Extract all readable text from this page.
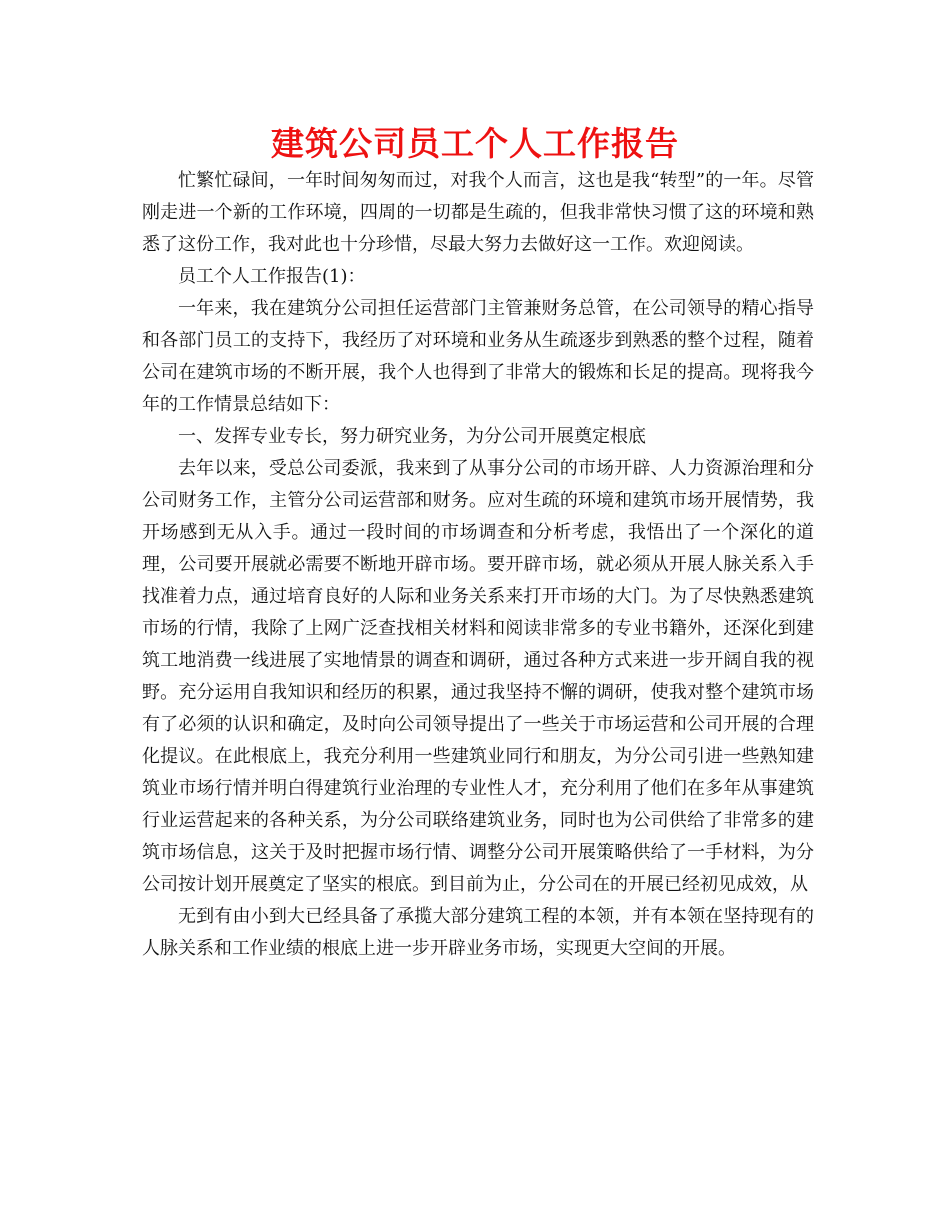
建筑公司员工个人工作报告

忙繁忙碌间，一年时间匆匆而过，对我个人而言，这也是我“转型”的一年。尽管刚走进一个新的工作环境，四周的一切都是生疏的，但我非常快习惯了这的环境和熟悉了这份工作，我对此也十分珍惜，尽最大努力去做好这一工作。欢迎阅读。

员工个人工作报告(1)：

一年来，我在建筑分公司担任运营部门主管兼财务总管，在公司领导的精心指导和各部门员工的支持下，我经历了对环境和业务从生疏逐步到熟悉的整个过程，随着公司在建筑市场的不断开展，我个人也得到了非常大的锻炼和长足的提高。现将我今年的工作情景总结如下：

一、发挥专业专长，努力研究业务，为分公司开展奠定根底

去年以来，受总公司委派，我来到了从事分公司的市场开辟、人力资源治理和分公司财务工作，主管分公司运营部和财务。应对生疏的环境和建筑市场开展情势，我开场感到无从入手。通过一段时间的市场调查和分析考虑，我悟出了一个深化的道理，公司要开展就必需要不断地开辟市场。要开辟市场，就必须从开展人脉关系入手找准着力点，通过培育良好的人际和业务关系来打开市场的大门。为了尽快熟悉建筑市场的行情，我除了上网广泛查找相关材料和阅读非常多的专业书籍外，还深化到建筑工地消费一线进展了实地情景的调查和调研，通过各种方式来进一步开阔自我的视野。充分运用自我知识和经历的积累，通过我坚持不懈的调研，使我对整个建筑市场有了必须的认识和确定，及时向公司领导提出了一些关于市场运营和公司开展的合理化提议。在此根底上，我充分利用一些建筑业同行和朋友，为分公司引进一些熟知建筑业市场行情并明白得建筑行业治理的专业性人才，充分利用了他们在多年从事建筑行业运营起来的各种关系，为分公司联络建筑业务，同时也为公司供给了非常多的建筑市场信息，这关于及时把握市场行情、调整分公司开展策略供给了一手材料，为分公司按计划开展奠定了坚实的根底。到目前为止，分公司在的开展已经初见成效，从

无到有由小到大已经具备了承揽大部分建筑工程的本领，并有本领在坚持现有的人脉关系和工作业绩的根底上进一步开辟业务市场，实现更大空间的开展。
